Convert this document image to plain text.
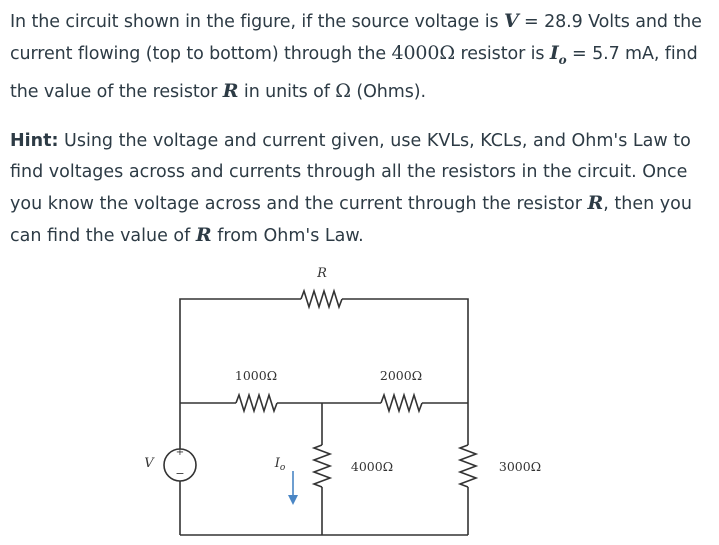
In the circuit shown in the figure, if the source voltage is V = 28.9 Volts and the current flowing (top to bottom) through the 4000Ω resistor is $I_o = 5.7$ mA, find the value of the resistor R in units of Ω (Ohms).

Hint: Using the voltage and current given, use KVLs, KCLs, and Ohm's Law to find voltages across and currents through all the resistors in the circuit. Once you know the voltage across and the current through the resistor R, then you can find the value of R from Ohm's Law.

R
1000Ω	2000Ω
4000Ω	3000Ω
V
+
−
$I_o$
